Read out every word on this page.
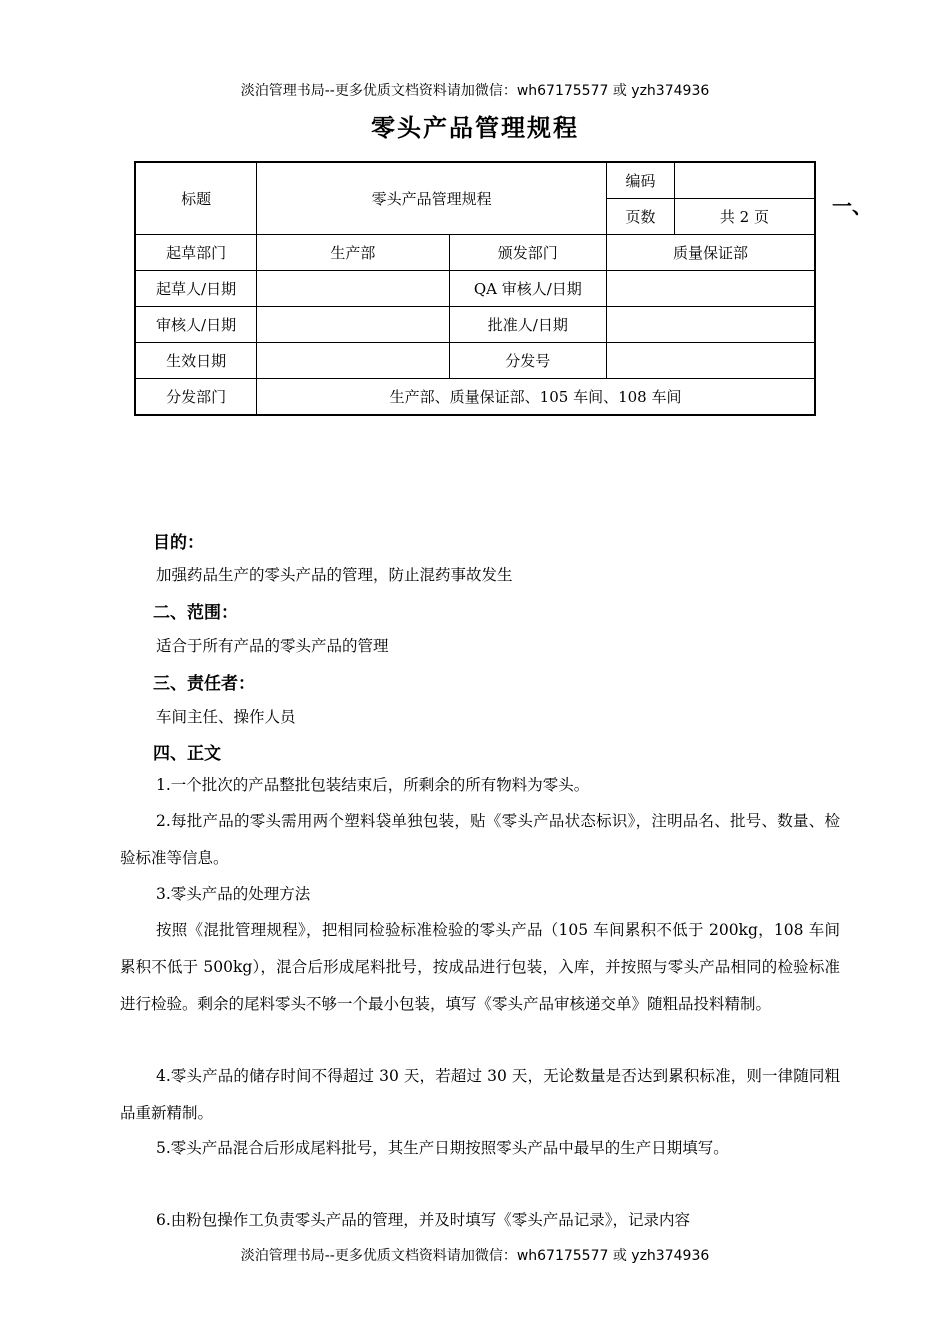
淡泊管理书局--更多优质文档资料请加微信：wh67175577 或 yzh374936
零头产品管理规程
标题	零头产品管理规程		编码	
			页数	共 2 页
起草部门	生产部	颁发部门	质量保证部	
起草人/日期		QA 审核人/日期		
审核人/日期		批准人/日期		
生效日期		分发号		
分发部门	生产部、质量保证部、105 车间、108 车间			
一、
目的：
加强药品生产的零头产品的管理，防止混药事故发生
二、范围：
适合于所有产品的零头产品的管理
三、责任者：
车间主任、操作人员
四、正文
1.一个批次的产品整批包装结束后，所剩余的所有物料为零头。
2.每批产品的零头需用两个塑料袋单独包装，贴《零头产品状态标识》，注明品名、批号、数量、检验标准等信息。
3.零头产品的处理方法
按照《混批管理规程》，把相同检验标准检验的零头产品（105 车间累积不低于 200kg，108 车间累积不低于 500kg），混合后形成尾料批号，按成品进行包装，入库，并按照与零头产品相同的检验标准进行检验。剩余的尾料零头不够一个最小包装，填写《零头产品审核递交单》随粗品投料精制。
4.零头产品的储存时间不得超过 30 天，若超过 30 天，无论数量是否达到累积标准，则一律随同粗品重新精制。
5.零头产品混合后形成尾料批号，其生产日期按照零头产品中最早的生产日期填写。
6.由粉包操作工负责零头产品的管理，并及时填写《零头产品记录》，记录内容
淡泊管理书局--更多优质文档资料请加微信：wh67175577 或 yzh374936
